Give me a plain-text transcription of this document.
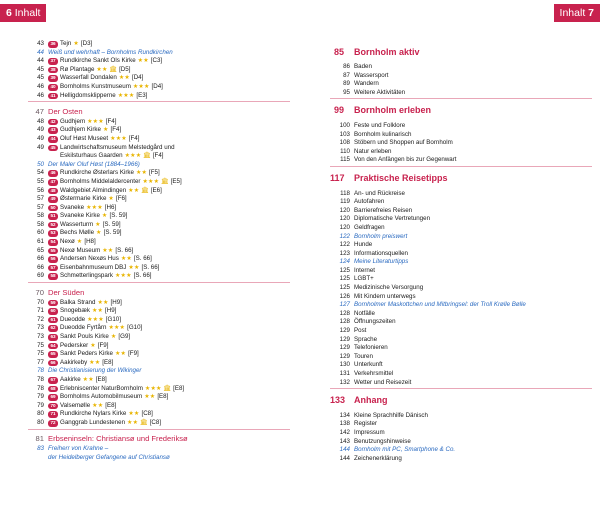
6 Inhalt	Inhalt 7
43	36 Tejn ★ [D3]
44 Weiß und wehrhaft – Bornholms Rundkirchen
44	37 Rundkirche Sankt Ols Kirke ★★ [C3]
45	38 Rø Plantage ★★ 🏛 [D5]
45	39 Wasserfall Dondalen ★★ [D4]
46	40 Bornholms Kunstmuseum ★★★ [D4]
46	41 Helligdomsklipperne ★★★ [E3]
47 Der Osten
48	42 Gudhjem ★★★ [F4]
49	43 Gudhjem Kirke ★ [F4]
49	44 Oluf Høst Museet ★★★ [F4]
49	45 Landwirtschaftsmuseum Melstedgård und
Eskilsturhaus Gaarden ★★★ 🏛 [F4]
50 Der Maler Oluf Høst (1884–1966)
54	46 Rundkirche Østerlars Kirke ★★ [F5]
55	47 Bornholms Middelaldercenter ★★★ 🏛 [E5]
56	48 Waldgebiet Almindingen ★★ 🏛 [E6]
57	49 Østermarie Kirke ★ [F6]
57	50 Svaneke ★★★ [H6]
58	51 Svaneke Kirke ★ [S. 59]
58	52 Wasserturm ★ [S. 59]
60	53 Bechs Mølle ★ [S. 59]
61	54 Nexø ★ [H8]
65	55 Nexø Museum ★★ [S. 66]
66	56 Andersen Nexøs Hus ★★ [S. 66]
66	57 Eisenbahnmuseum DBJ ★★ [S. 66]
69	58 Schmetterlingspark ★★★ [S. 66]
70 Der Süden
70	59 Balka Strand ★★ [H9]
71	60 Snogebæk ★★ [H9]
72	61 Dueodde ★★★ [G10]
73	62 Dueodde Fyrtårn ★★★ [G10]
73	63 Sankt Pouls Kirke ★ [G9]
75	64 Pedersker ★ [F9]
75	65 Sankt Peders Kirke ★★ [F9]
77	66 Aakirkeby ★★ [E8]
78 Die Christianisierung der Wikinger
78	67 Aakirke ★★ [E8]
78	68 Erlebniscenter NaturBornholm ★★★ 🏛 [E8]
79	69 Bornholms Automobilmuseum ★★ [E8]
79	70 Valsemølle ★★ [E8]
80	71 Rundkirche Nylars Kirke ★★ [C8]
80	72 Ganggrab Lundestenen ★★ 🏛 [C8]
81 Erbseninseln: Christiansø und Frederiksø
83 Freiherr von Krahne –
der Heidelberger Gefangene auf Christiansø
85	Bornholm aktiv
86 Baden
87 Wassersport
89 Wandern
95 Weitere Aktivitäten
99	Bornholm erleben
100 Feste und Folklore
103 Bornholm kulinarisch
108 Stöbern und Shoppen auf Bornholm
110 Natur erleben
115 Von den Anfängen bis zur Gegenwart
117	Praktische Reisetipps
118 An- und Rückreise
119 Autofahren
120 Barrierefreies Reisen
120 Diplomatische Vertretungen
120 Geldfragen
122 Bornholm preiswert
122 Hunde
123 Informationsquellen
124 Meine Literaturtipps
125 Internet
125 LGBT+
125 Medizinische Versorgung
126 Mit Kindern unterwegs
127 Bornholmer Maskottchen und Mitbringsel: der Troll Krølle Bølle
128 Notfälle
128 Öffnungszeiten
129 Post
129 Sprache
129 Telefonieren
129 Touren
130 Unterkunft
131 Verkehrsmittel
132 Wetter und Reisezeit
133 Anhang
134 Kleine Sprachhilfe Dänisch
138 Register
142 Impressum
143 Benutzungshinweise
144 Bornholm mit PC, Smartphone & Co.
144 Zeichenerklärung
